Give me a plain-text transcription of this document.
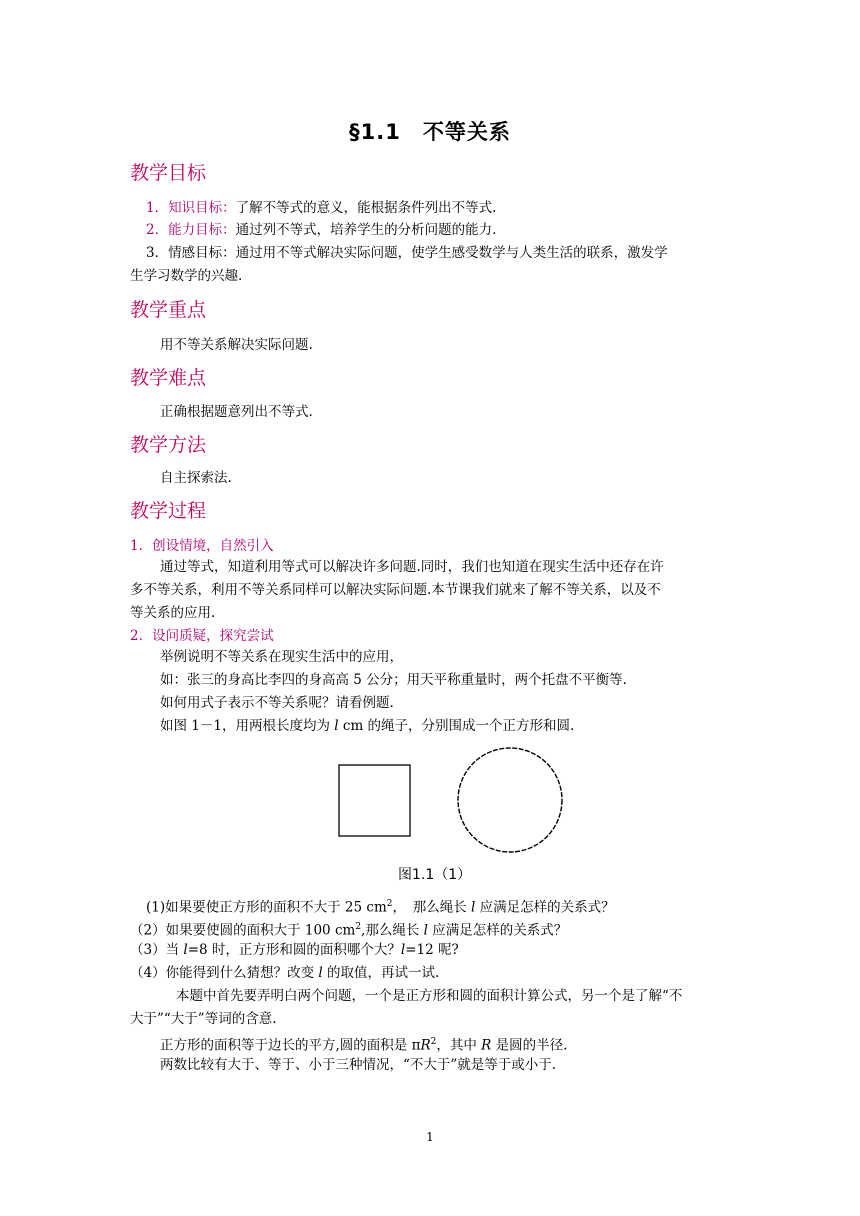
§1.1　不等关系
教学目标
1．知识目标：了解不等式的意义，能根据条件列出不等式.
2．能力目标：通过列不等式，培养学生的分析问题的能力.
3．情感目标：通过用不等式解决实际问题，使学生感受数学与人类生活的联系，激发学
生学习数学的兴趣.
教学重点
用不等关系解决实际问题.
教学难点
正确根据题意列出不等式.
教学方法
自主探索法.
教学过程
1．创设情境，自然引入
通过等式，知道利用等式可以解决许多问题.同时，我们也知道在现实生活中还存在许
多不等关系，利用不等关系同样可以解决实际问题.本节课我们就来了解不等关系，以及不
等关系的应用.
2．设问质疑，探究尝试
举例说明不等关系在现实生活中的应用，
如：张三的身高比李四的身高高 5 公分；用天平称重量时，两个托盘不平衡等.
如何用式子表示不等关系呢？请看例题.
如图 1－1，用两根长度均为 l cm 的绳子，分别围成一个正方形和圆.
图1.1（1）
(1)如果要使正方形的面积不大于 25 $cm^2$，　那么绳长 l 应满足怎样的关系式？
（2）如果要使圆的面积大于 100 $cm^2$,那么绳长 l 应满足怎样的关系式？
（3）当 l=8 时，正方形和圆的面积哪个大？l=12 呢?
（4）你能得到什么猜想？改变 l 的取值，再试一试.
本题中首先要弄明白两个问题，一个是正方形和圆的面积计算公式，另一个是了解“不
大于”“大于”等词的含意.
正方形的面积等于边长的平方,圆的面积是 $\pi R^2$，其中 R 是圆的半径.
两数比较有大于、等于、小于三种情况，“不大于”就是等于或小于.
1
